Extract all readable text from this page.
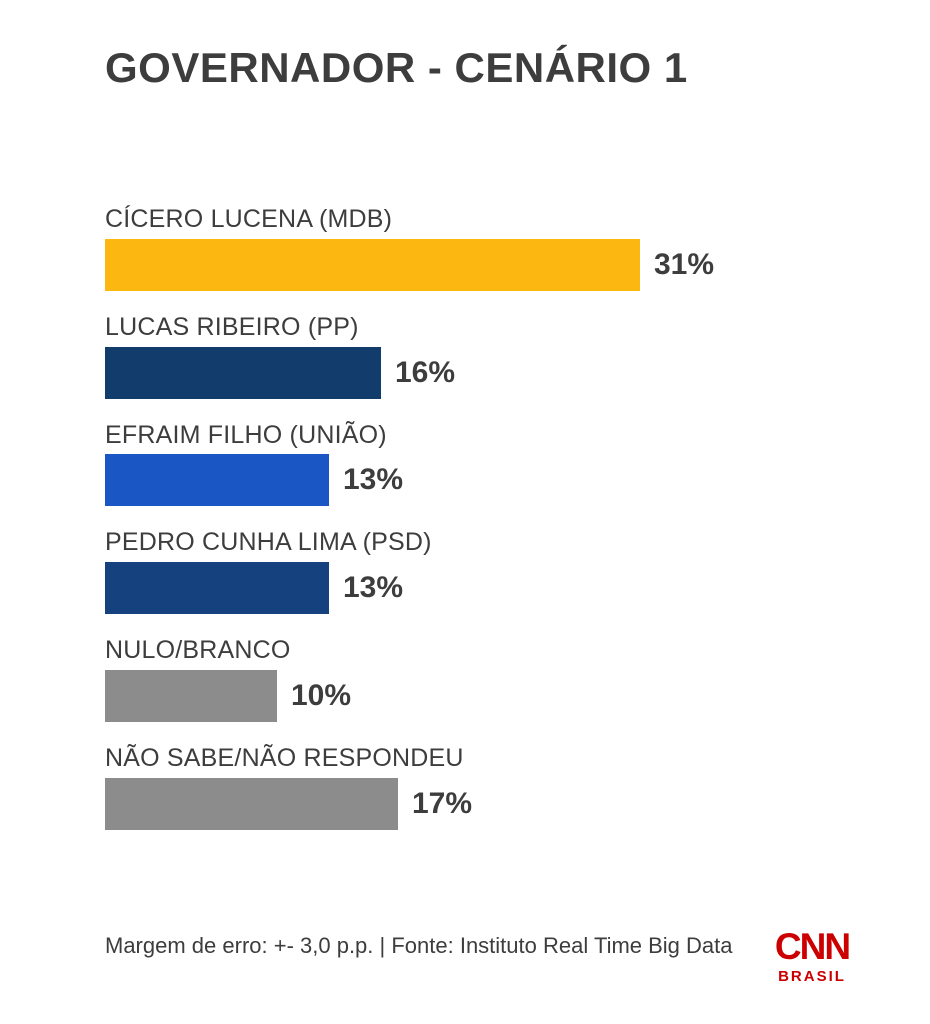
GOVERNADOR - CENÁRIO 1
CÍCERO LUCENA (MDB)
31%
LUCAS RIBEIRO (PP)
16%
EFRAIM FILHO (UNIÃO)
13%
PEDRO CUNHA LIMA (PSD)
13%
NULO/BRANCO
10%
NÃO SABE/NÃO RESPONDEU
17%
Margem de erro: +- 3,0 p.p. | Fonte: Instituto Real Time Big Data	CNN
BRASIL
